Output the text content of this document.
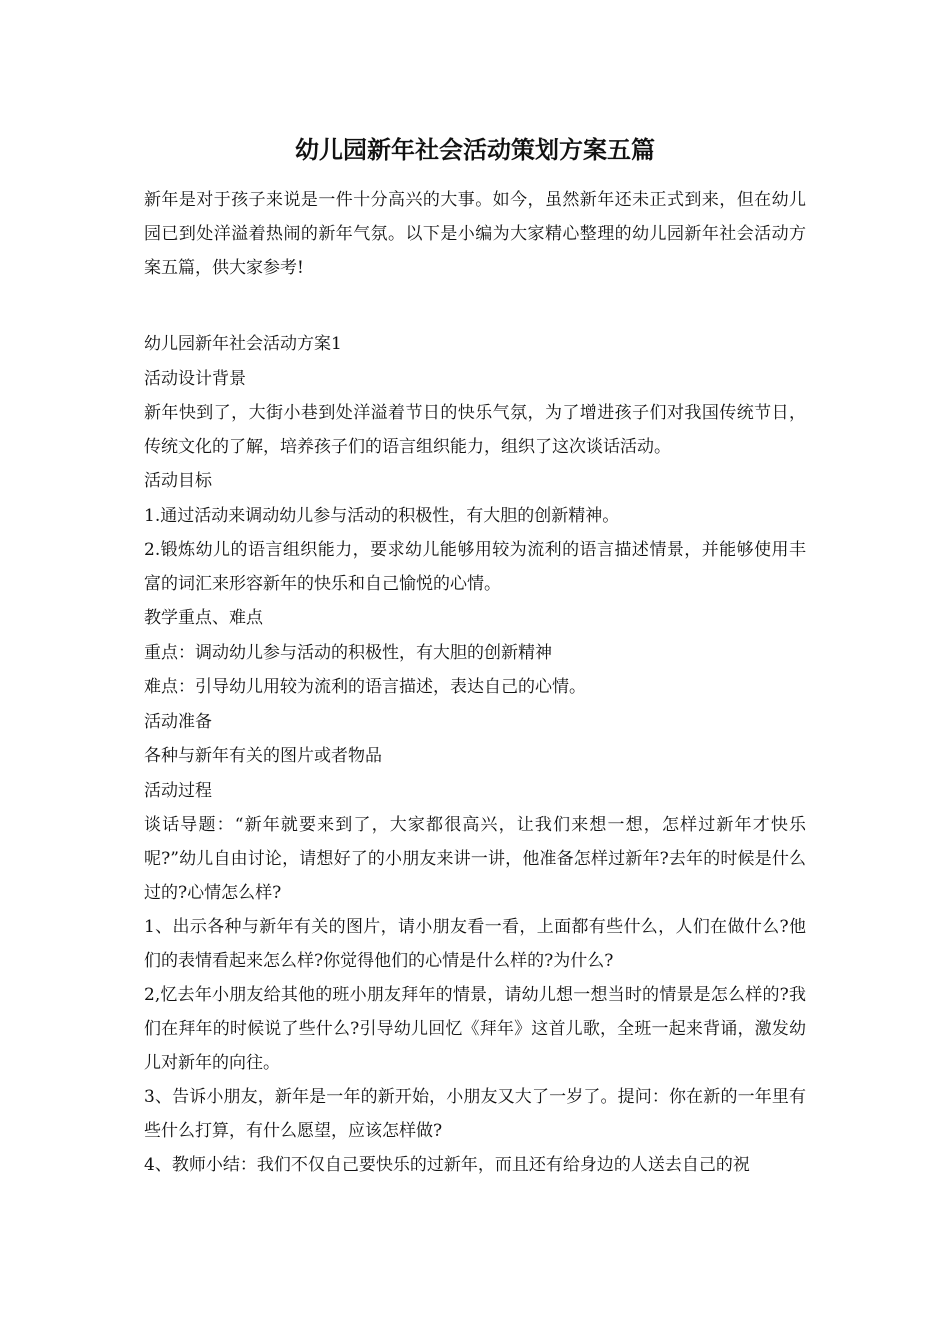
幼儿园新年社会活动策划方案五篇

新年是对于孩子来说是一件十分高兴的大事。如今，虽然新年还未正式到来，但在幼儿园已到处洋溢着热闹的新年气氛。以下是小编为大家精心整理的幼儿园新年社会活动方案五篇，供大家参考!

幼儿园新年社会活动方案1

活动设计背景

新年快到了，大街小巷到处洋溢着节日的快乐气氛，为了增进孩子们对我国传统节日，传统文化的了解，培养孩子们的语言组织能力，组织了这次谈话活动。

活动目标

1.通过活动来调动幼儿参与活动的积极性，有大胆的创新精神。

2.锻炼幼儿的语言组织能力，要求幼儿能够用较为流利的语言描述情景，并能够使用丰富的词汇来形容新年的快乐和自己愉悦的心情。

教学重点、难点

重点：调动幼儿参与活动的积极性，有大胆的创新精神

难点：引导幼儿用较为流利的语言描述，表达自己的心情。

活动准备

各种与新年有关的图片或者物品

活动过程

谈话导题：“新年就要来到了，大家都很高兴，让我们来想一想，怎样过新年才快乐呢?”幼儿自由讨论，请想好了的小朋友来讲一讲，他准备怎样过新年?去年的时候是什么过的?心情怎么样?

1、出示各种与新年有关的图片，请小朋友看一看，上面都有些什么，人们在做什么?他们的表情看起来怎么样?你觉得他们的心情是什么样的?为什么?

2,忆去年小朋友给其他的班小朋友拜年的情景，请幼儿想一想当时的情景是怎么样的?我们在拜年的时候说了些什么?引导幼儿回忆《拜年》这首儿歌，全班一起来背诵，激发幼儿对新年的向往。

3、告诉小朋友，新年是一年的新开始，小朋友又大了一岁了。提问：你在新的一年里有些什么打算，有什么愿望，应该怎样做?

4、教师小结：我们不仅自己要快乐的过新年，而且还有给身边的人送去自己的祝
